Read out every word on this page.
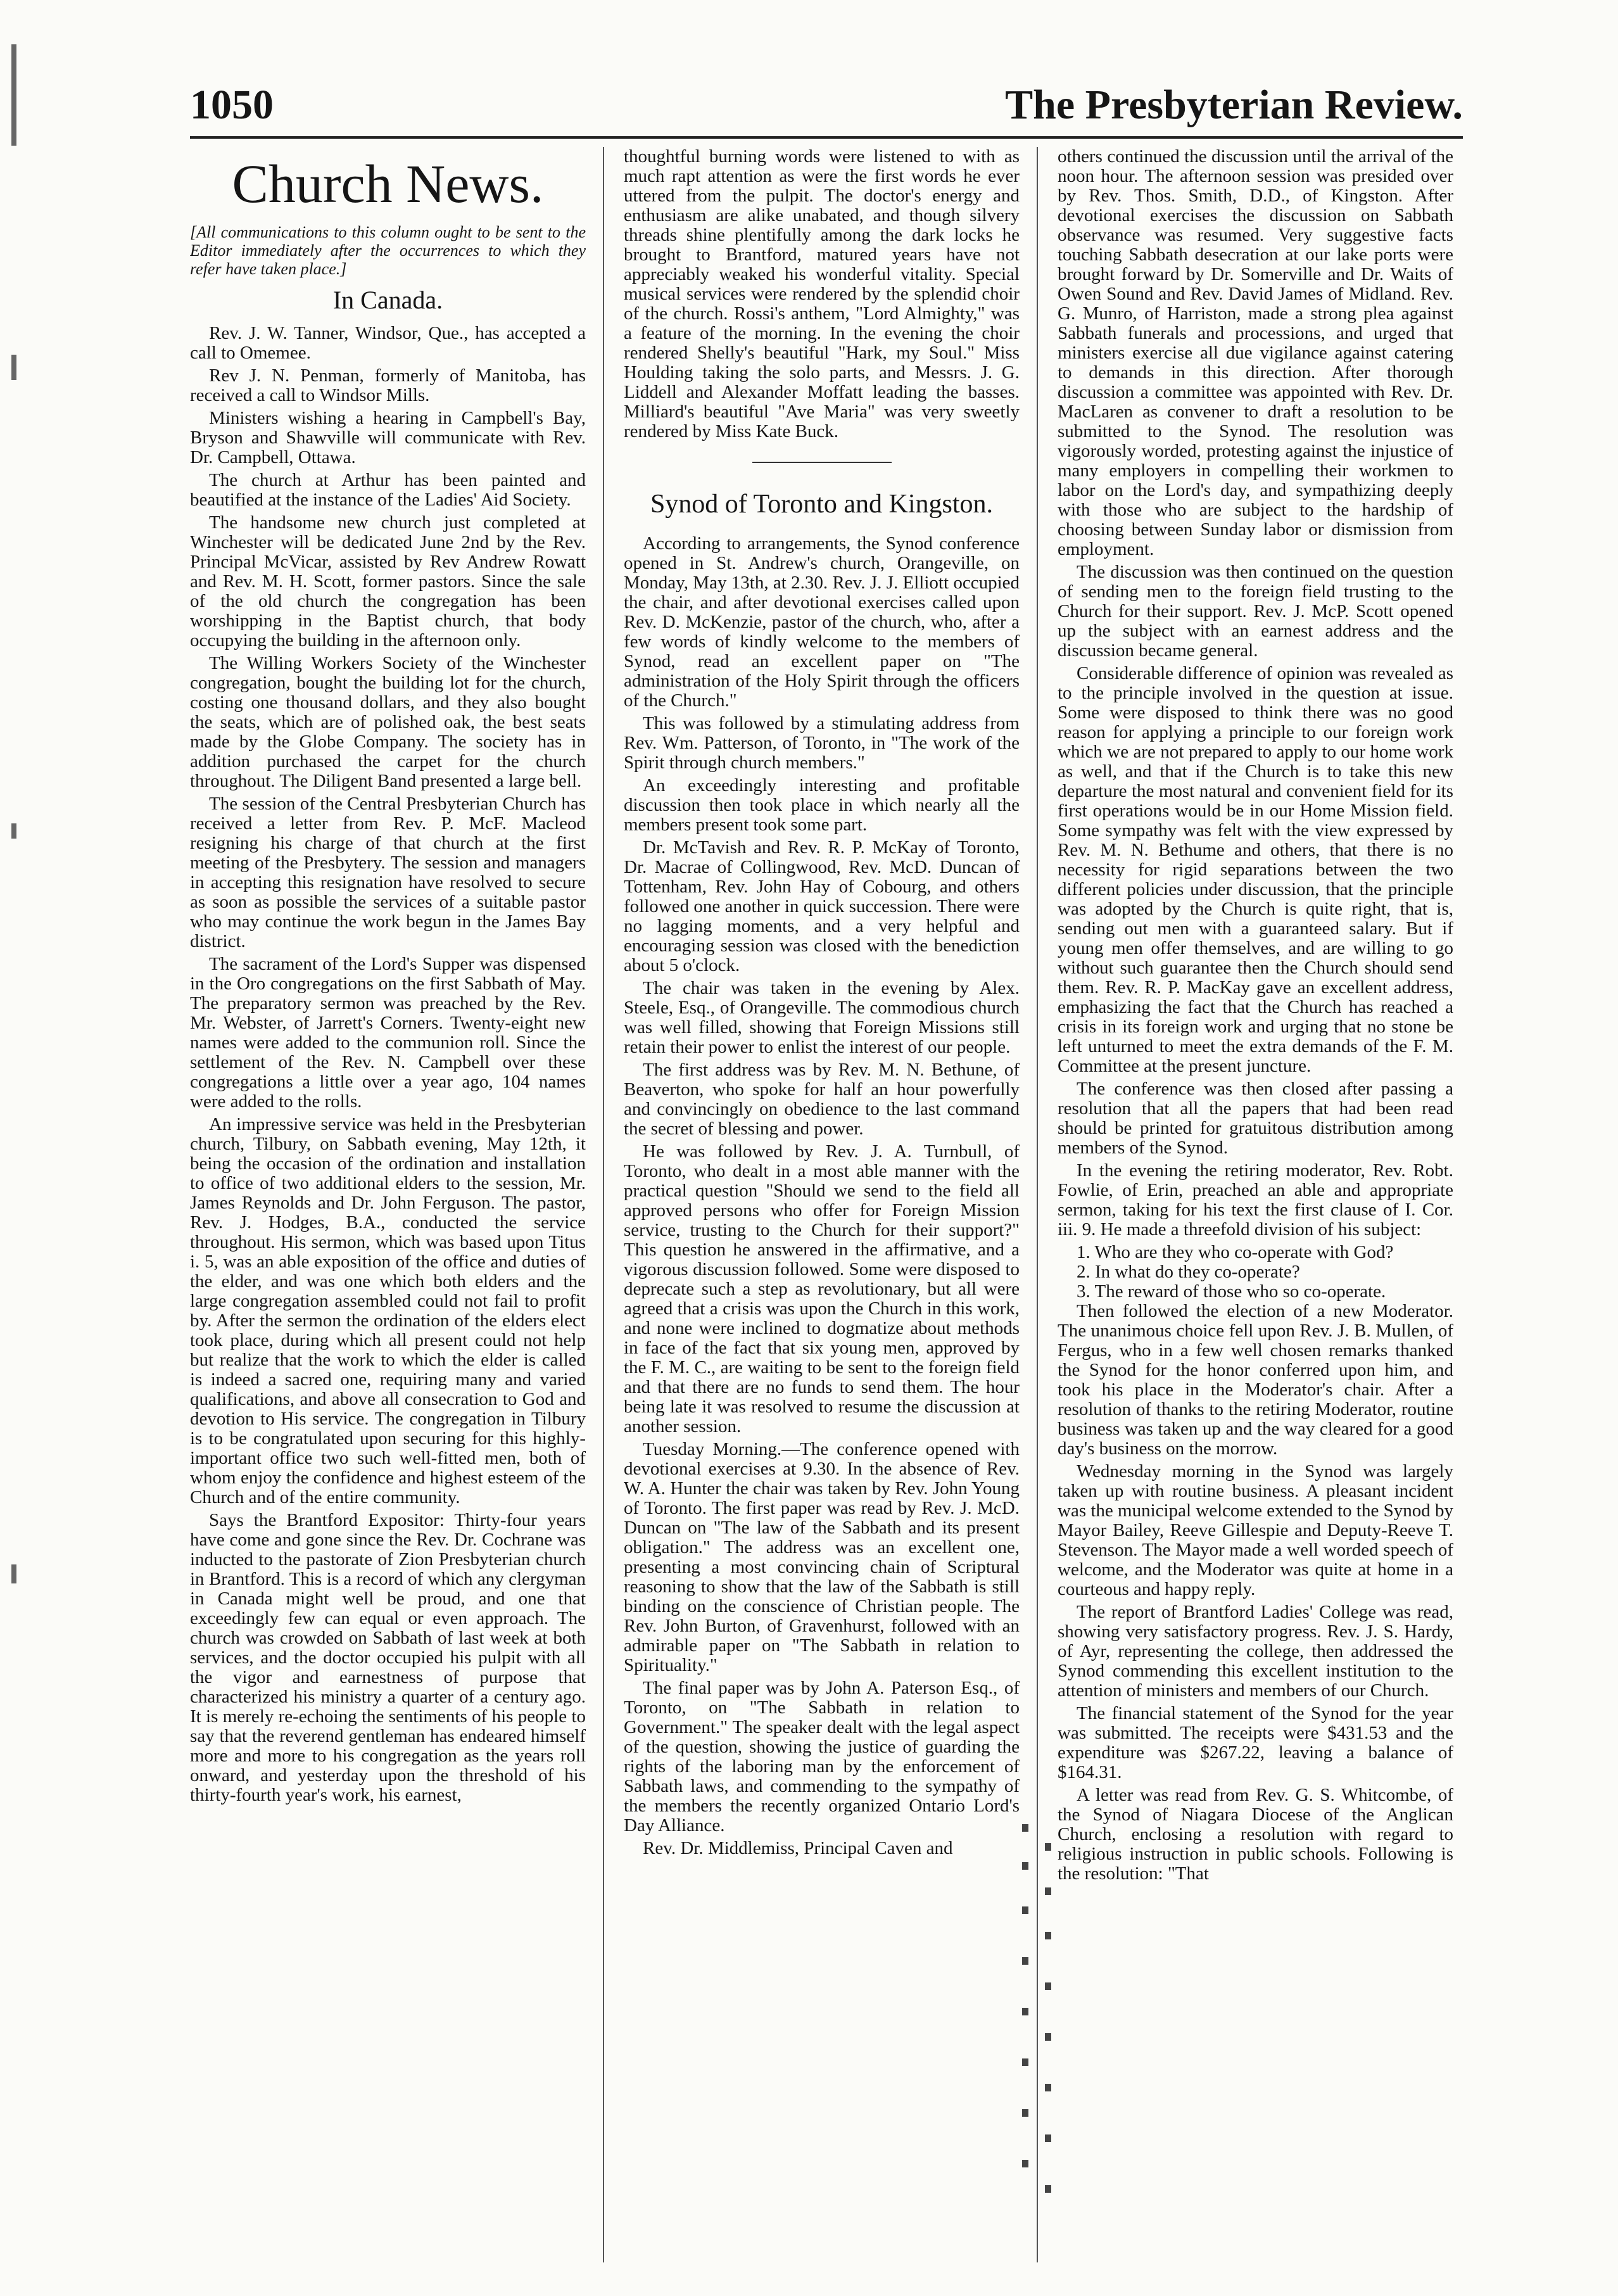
1050	The Presbyterian Review.
Church News.
[All communications to this column ought to be sent to the Editor immediately after the occurrences to which they refer have taken place.]
In Canada.

Rev. J. W. Tanner, Windsor, Que., has accepted a call to Omemee.

Rev J. N. Penman, formerly of Manitoba, has received a call to Windsor Mills.

Ministers wishing a hearing in Campbell's Bay, Bryson and Shawville will communicate with Rev. Dr. Campbell, Ottawa.

The church at Arthur has been painted and beautified at the instance of the Ladies' Aid Society.

The handsome new church just completed at Winchester will be dedicated June 2nd by the Rev. Principal McVicar, assisted by Rev Andrew Rowatt and Rev. M. H. Scott, former pastors. Since the sale of the old church the congregation has been worshipping in the Baptist church, that body occupying the building in the afternoon only.

The Willing Workers Society of the Winchester congregation, bought the building lot for the church, costing one thousand dollars, and they also bought the seats, which are of polished oak, the best seats made by the Globe Company. The society has in addition purchased the carpet for the church throughout. The Diligent Band presented a large bell.

The session of the Central Presbyterian Church has received a letter from Rev. P. McF. Macleod resigning his charge of that church at the first meeting of the Presbytery. The session and managers in accepting this resignation have resolved to secure as soon as possible the services of a suitable pastor who may continue the work begun in the James Bay district.

The sacrament of the Lord's Supper was dispensed in the Oro congregations on the first Sabbath of May. The preparatory sermon was preached by the Rev. Mr. Webster, of Jarrett's Corners. Twenty-eight new names were added to the communion roll. Since the settlement of the Rev. N. Campbell over these congregations a little over a year ago, 104 names were added to the rolls.

An impressive service was held in the Presbyterian church, Tilbury, on Sabbath evening, May 12th, it being the occasion of the ordination and installation to office of two additional elders to the session, Mr. James Reynolds and Dr. John Ferguson. The pastor, Rev. J. Hodges, B.A., conducted the service throughout. His sermon, which was based upon Titus i. 5, was an able exposition of the office and duties of the elder, and was one which both elders and the large congregation assembled could not fail to profit by. After the sermon the ordination of the elders elect took place, during which all present could not help but realize that the work to which the elder is called is indeed a sacred one, requiring many and varied qualifications, and above all consecration to God and devotion to His service. The congregation in Tilbury is to be congratulated upon securing for this highly-important office two such well-fitted men, both of whom enjoy the confidence and highest esteem of the Church and of the entire community.

Says the Brantford Expositor: Thirty-four years have come and gone since the Rev. Dr. Cochrane was inducted to the pastorate of Zion Presbyterian church in Brantford. This is a record of which any clergyman in Canada might well be proud, and one that exceedingly few can equal or even approach. The church was crowded on Sabbath of last week at both services, and the doctor occupied his pulpit with all the vigor and earnestness of purpose that characterized his ministry a quarter of a century ago. It is merely re-echoing the sentiments of his people to say that the reverend gentleman has endeared himself more and more to his congregation as the years roll onward, and yesterday upon the threshold of his thirty-fourth year's work, his earnest,

thoughtful burning words were listened to with as much rapt attention as were the first words he ever uttered from the pulpit. The doctor's energy and enthusiasm are alike unabated, and though silvery threads shine plentifully among the dark locks he brought to Brantford, matured years have not appreciably weaked his wonderful vitality. Special musical services were rendered by the splendid choir of the church. Rossi's anthem, "Lord Almighty," was a feature of the morning. In the evening the choir rendered Shelly's beautiful "Hark, my Soul." Miss Houlding taking the solo parts, and Messrs. J. G. Liddell and Alexander Moffatt leading the basses. Milliard's beautiful "Ave Maria" was very sweetly rendered by Miss Kate Buck.

Synod of Toronto and Kingston.

According to arrangements, the Synod conference opened in St. Andrew's church, Orangeville, on Monday, May 13th, at 2.30. Rev. J. J. Elliott occupied the chair, and after devotional exercises called upon Rev. D. McKenzie, pastor of the church, who, after a few words of kindly welcome to the members of Synod, read an excellent paper on "The administration of the Holy Spirit through the officers of the Church."

This was followed by a stimulating address from Rev. Wm. Patterson, of Toronto, in "The work of the Spirit through church members."

An exceedingly interesting and profitable discussion then took place in which nearly all the members present took some part.

Dr. McTavish and Rev. R. P. McKay of Toronto, Dr. Macrae of Collingwood, Rev. McD. Duncan of Tottenham, Rev. John Hay of Cobourg, and others followed one another in quick succession. There were no lagging moments, and a very helpful and encouraging session was closed with the benediction about 5 o'clock.

The chair was taken in the evening by Alex. Steele, Esq., of Orangeville. The commodious church was well filled, showing that Foreign Missions still retain their power to enlist the interest of our people.

The first address was by Rev. M. N. Bethune, of Beaverton, who spoke for half an hour powerfully and convincingly on obedience to the last command the secret of blessing and power.

He was followed by Rev. J. A. Turnbull, of Toronto, who dealt in a most able manner with the practical question "Should we send to the field all approved persons who offer for Foreign Mission service, trusting to the Church for their support?" This question he answered in the affirmative, and a vigorous discussion followed. Some were disposed to deprecate such a step as revolutionary, but all were agreed that a crisis was upon the Church in this work, and none were inclined to dogmatize about methods in face of the fact that six young men, approved by the F. M. C., are waiting to be sent to the foreign field and that there are no funds to send them. The hour being late it was resolved to resume the discussion at another session.

Tuesday Morning.—The conference opened with devotional exercises at 9.30. In the absence of Rev. W. A. Hunter the chair was taken by Rev. John Young of Toronto. The first paper was read by Rev. J. McD. Duncan on "The law of the Sabbath and its present obligation." The address was an excellent one, presenting a most convincing chain of Scriptural reasoning to show that the law of the Sabbath is still binding on the conscience of Christian people. The Rev. John Burton, of Gravenhurst, followed with an admirable paper on "The Sabbath in relation to Spirituality."

The final paper was by John A. Paterson Esq., of Toronto, on "The Sabbath in relation to Government." The speaker dealt with the legal aspect of the question, showing the justice of guarding the rights of the laboring man by the enforcement of Sabbath laws, and commending to the sympathy of the members the recently organized Ontario Lord's Day Alliance.

Rev. Dr. Middlemiss, Principal Caven and

others continued the discussion until the arrival of the noon hour. The afternoon session was presided over by Rev. Thos. Smith, D.D., of Kingston. After devotional exercises the discussion on Sabbath observance was resumed. Very suggestive facts touching Sabbath desecration at our lake ports were brought forward by Dr. Somerville and Dr. Waits of Owen Sound and Rev. David James of Midland. Rev. G. Munro, of Harriston, made a strong plea against Sabbath funerals and processions, and urged that ministers exercise all due vigilance against catering to demands in this direction. After thorough discussion a committee was appointed with Rev. Dr. MacLaren as convener to draft a resolution to be submitted to the Synod. The resolution was vigorously worded, protesting against the injustice of many employers in compelling their workmen to labor on the Lord's day, and sympathizing deeply with those who are subject to the hardship of choosing between Sunday labor or dismission from employment.

The discussion was then continued on the question of sending men to the foreign field trusting to the Church for their support. Rev. J. McP. Scott opened up the subject with an earnest address and the discussion became general.

Considerable difference of opinion was revealed as to the principle involved in the question at issue. Some were disposed to think there was no good reason for applying a principle to our foreign work which we are not prepared to apply to our home work as well, and that if the Church is to take this new departure the most natural and convenient field for its first operations would be in our Home Mission field. Some sympathy was felt with the view expressed by Rev. M. N. Bethume and others, that there is no necessity for rigid separations between the two different policies under discussion, that the principle was adopted by the Church is quite right, that is, sending out men with a guaranteed salary. But if young men offer themselves, and are willing to go without such guarantee then the Church should send them. Rev. R. P. MacKay gave an excellent address, emphasizing the fact that the Church has reached a crisis in its foreign work and urging that no stone be left unturned to meet the extra demands of the F. M. Committee at the present juncture.

The conference was then closed after passing a resolution that all the papers that had been read should be printed for gratuitous distribution among members of the Synod.

In the evening the retiring moderator, Rev. Robt. Fowlie, of Erin, preached an able and appropriate sermon, taking for his text the first clause of I. Cor. iii. 9. He made a threefold division of his subject:

1. Who are they who co-operate with God?
2. In what do they co-operate?
3. The reward of those who so co-operate.

Then followed the election of a new Moderator. The unanimous choice fell upon Rev. J. B. Mullen, of Fergus, who in a few well chosen remarks thanked the Synod for the honor conferred upon him, and took his place in the Moderator's chair. After a resolution of thanks to the retiring Moderator, routine business was taken up and the way cleared for a good day's business on the morrow.

Wednesday morning in the Synod was largely taken up with routine business. A pleasant incident was the municipal welcome extended to the Synod by Mayor Bailey, Reeve Gillespie and Deputy-Reeve T. Stevenson. The Mayor made a well worded speech of welcome, and the Moderator was quite at home in a courteous and happy reply.

The report of Brantford Ladies' College was read, showing very satisfactory progress. Rev. J. S. Hardy, of Ayr, representing the college, then addressed the Synod commending this excellent institution to the attention of ministers and members of our Church.

The financial statement of the Synod for the year was submitted. The receipts were $431.53 and the expenditure was $267.22, leaving a balance of $164.31.

A letter was read from Rev. G. S. Whitcombe, of the Synod of Niagara Diocese of the Anglican Church, enclosing a resolution with regard to religious instruction in public schools. Following is the resolution: "That
